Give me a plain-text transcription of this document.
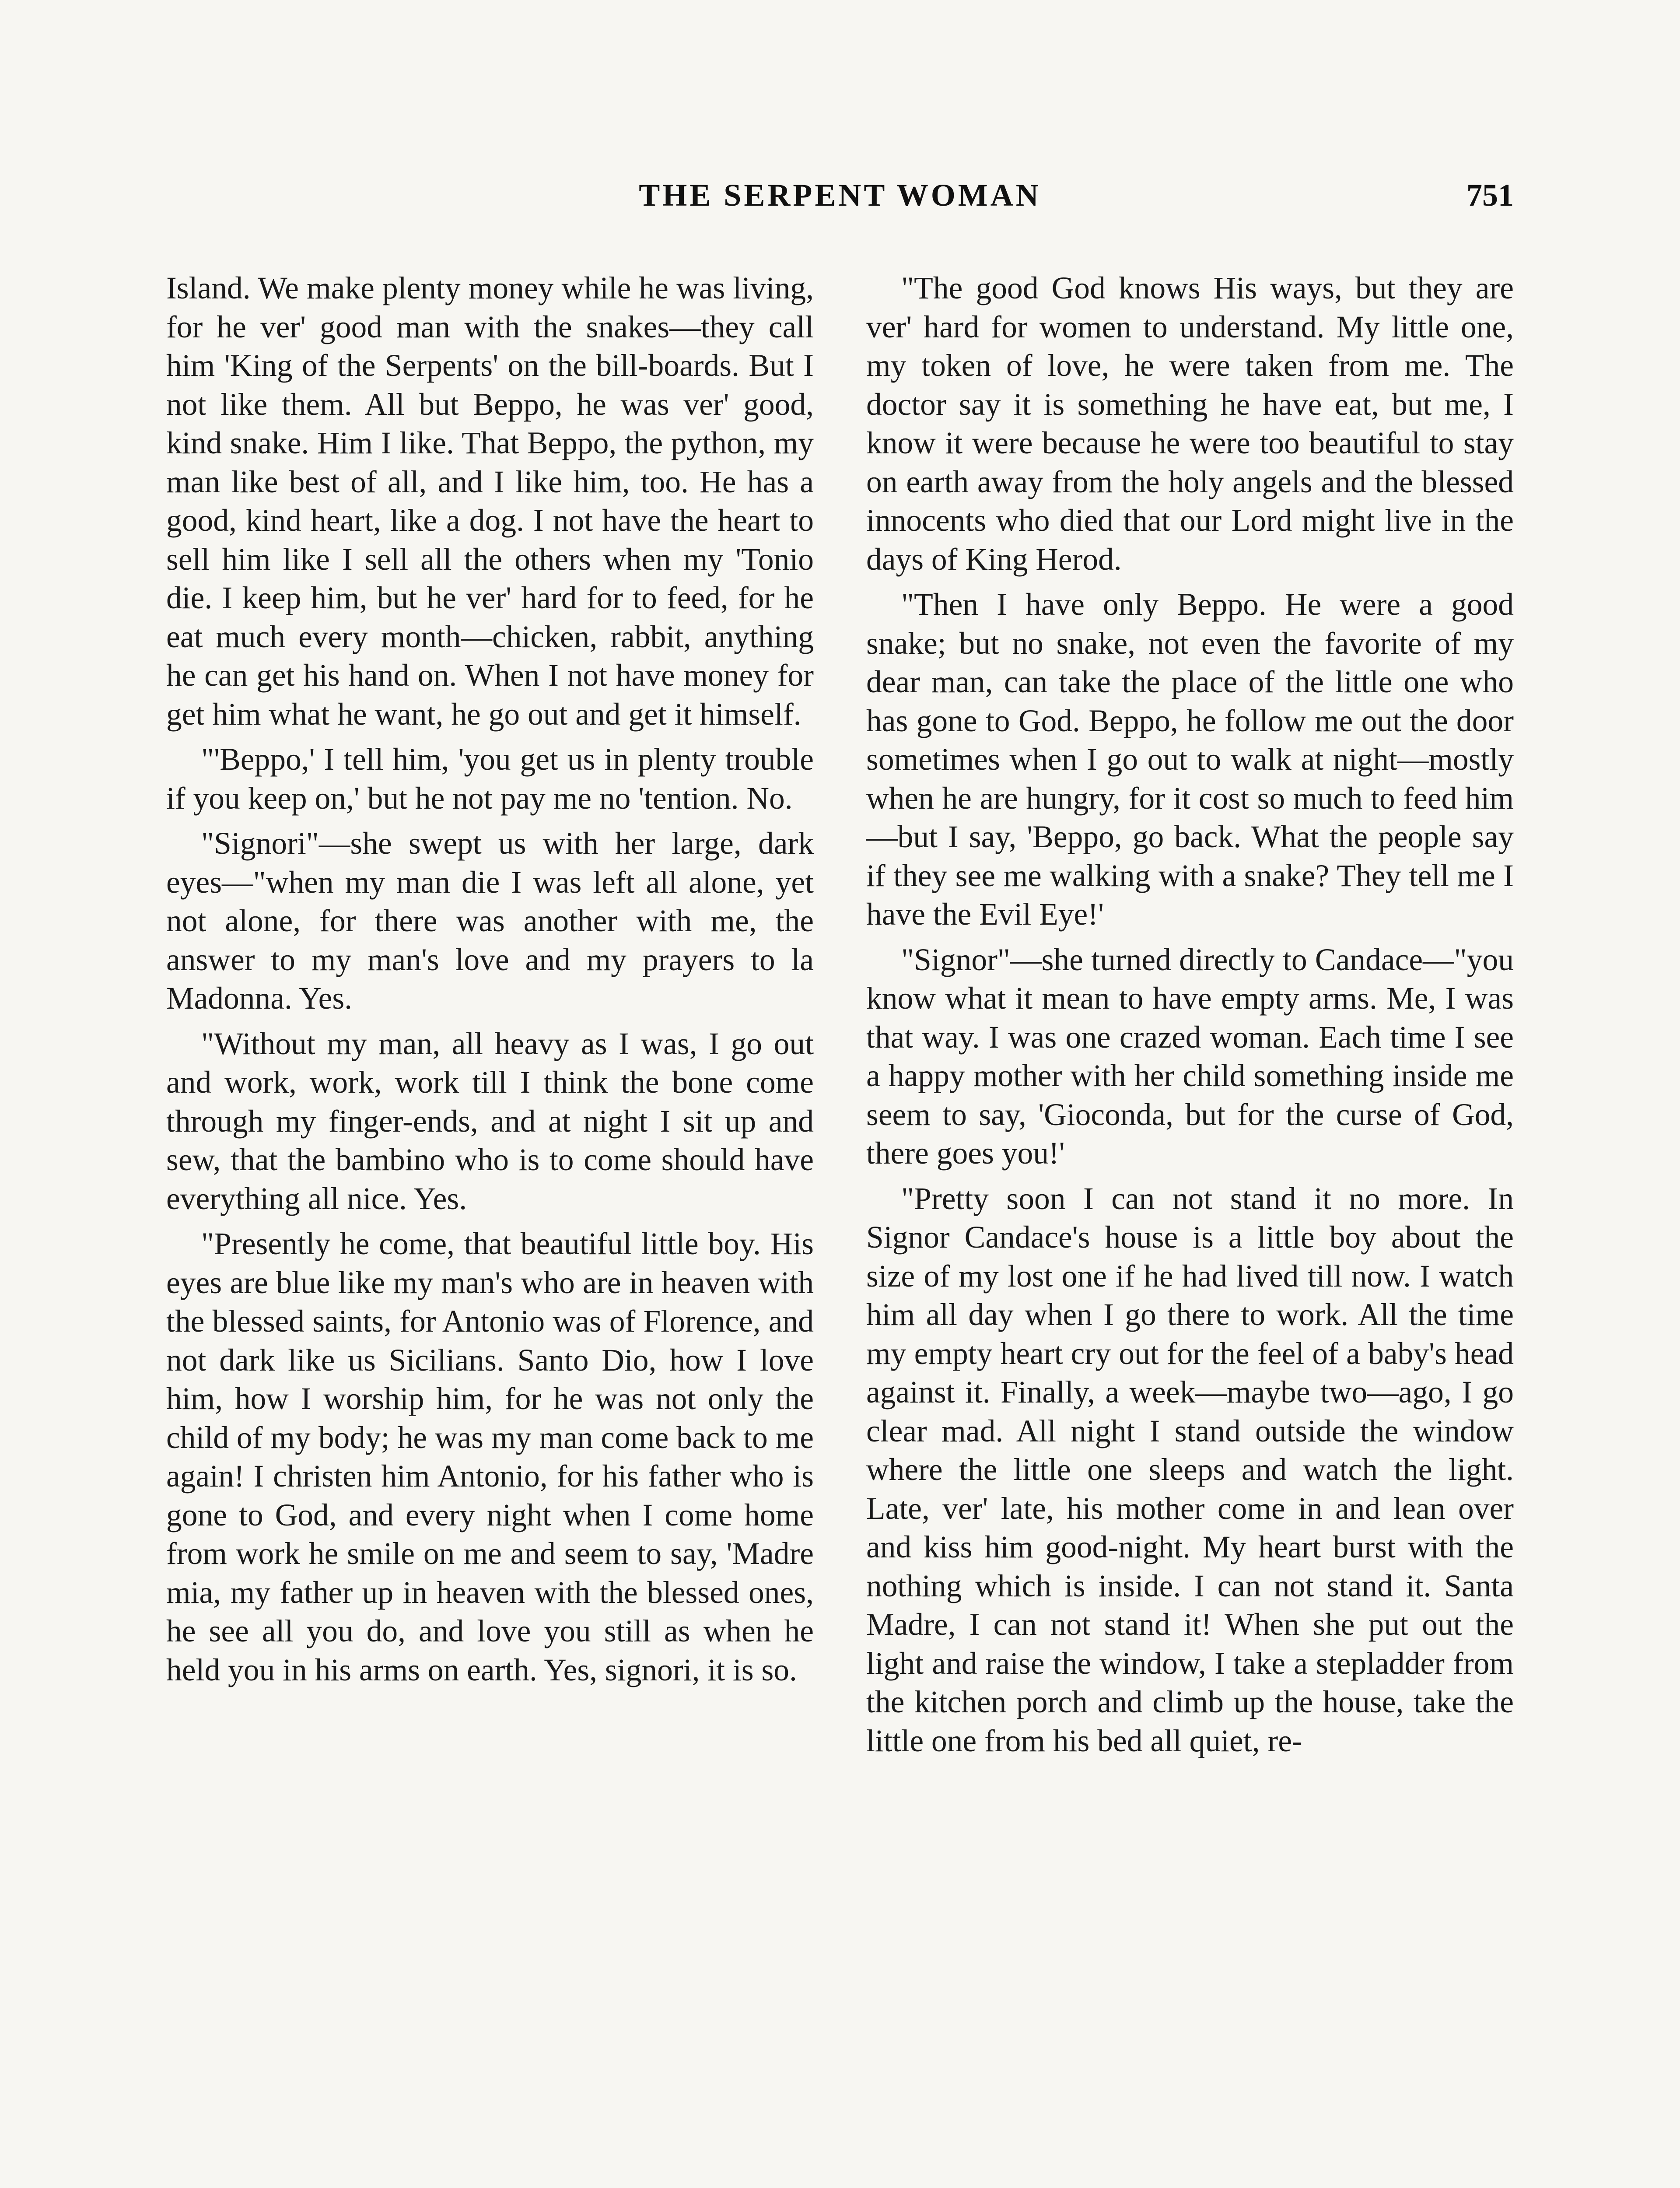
THE SERPENT WOMAN	751

Island. We make plenty money while he was living, for he ver' good man with the snakes—they call him 'King of the Serpents' on the bill-boards. But I not like them. All but Beppo, he was ver' good, kind snake. Him I like. That Beppo, the python, my man like best of all, and I like him, too. He has a good, kind heart, like a dog. I not have the heart to sell him like I sell all the others when my 'Tonio die. I keep him, but he ver' hard for to feed, for he eat much every month—chicken, rabbit, anything he can get his hand on. When I not have money for get him what he want, he go out and get it himself.

"'Beppo,' I tell him, 'you get us in plenty trouble if you keep on,' but he not pay me no 'tention. No.

"Signori"—she swept us with her large, dark eyes—"when my man die I was left all alone, yet not alone, for there was another with me, the answer to my man's love and my prayers to la Madonna. Yes.

"Without my man, all heavy as I was, I go out and work, work, work till I think the bone come through my finger-ends, and at night I sit up and sew, that the bambino who is to come should have everything all nice. Yes.

"Presently he come, that beautiful little boy. His eyes are blue like my man's who are in heaven with the blessed saints, for Antonio was of Florence, and not dark like us Sicilians. Santo Dio, how I love him, how I worship him, for he was not only the child of my body; he was my man come back to me again! I christen him Antonio, for his father who is gone to God, and every night when I come home from work he smile on me and seem to say, 'Madre mia, my father up in heaven with the blessed ones, he see all you do, and love you still as when he held you in his arms on earth. Yes, signori, it is so.

"The good God knows His ways, but they are ver' hard for women to understand. My little one, my token of love, he were taken from me. The doctor say it is something he have eat, but me, I know it were because he were too beautiful to stay on earth away from the holy angels and the blessed innocents who died that our Lord might live in the days of King Herod.

"Then I have only Beppo. He were a good snake; but no snake, not even the favorite of my dear man, can take the place of the little one who has gone to God. Beppo, he follow me out the door sometimes when I go out to walk at night—mostly when he are hungry, for it cost so much to feed him—but I say, 'Beppo, go back. What the people say if they see me walking with a snake? They tell me I have the Evil Eye!'

"Signor"—she turned directly to Candace—"you know what it mean to have empty arms. Me, I was that way. I was one crazed woman. Each time I see a happy mother with her child something inside me seem to say, 'Gioconda, but for the curse of God, there goes you!'

"Pretty soon I can not stand it no more. In Signor Candace's house is a little boy about the size of my lost one if he had lived till now. I watch him all day when I go there to work. All the time my empty heart cry out for the feel of a baby's head against it. Finally, a week—maybe two—ago, I go clear mad. All night I stand outside the window where the little one sleeps and watch the light. Late, ver' late, his mother come in and lean over and kiss him good-night. My heart burst with the nothing which is inside. I can not stand it. Santa Madre, I can not stand it! When she put out the light and raise the window, I take a stepladder from the kitchen porch and climb up the house, take the little one from his bed all quiet, re-
